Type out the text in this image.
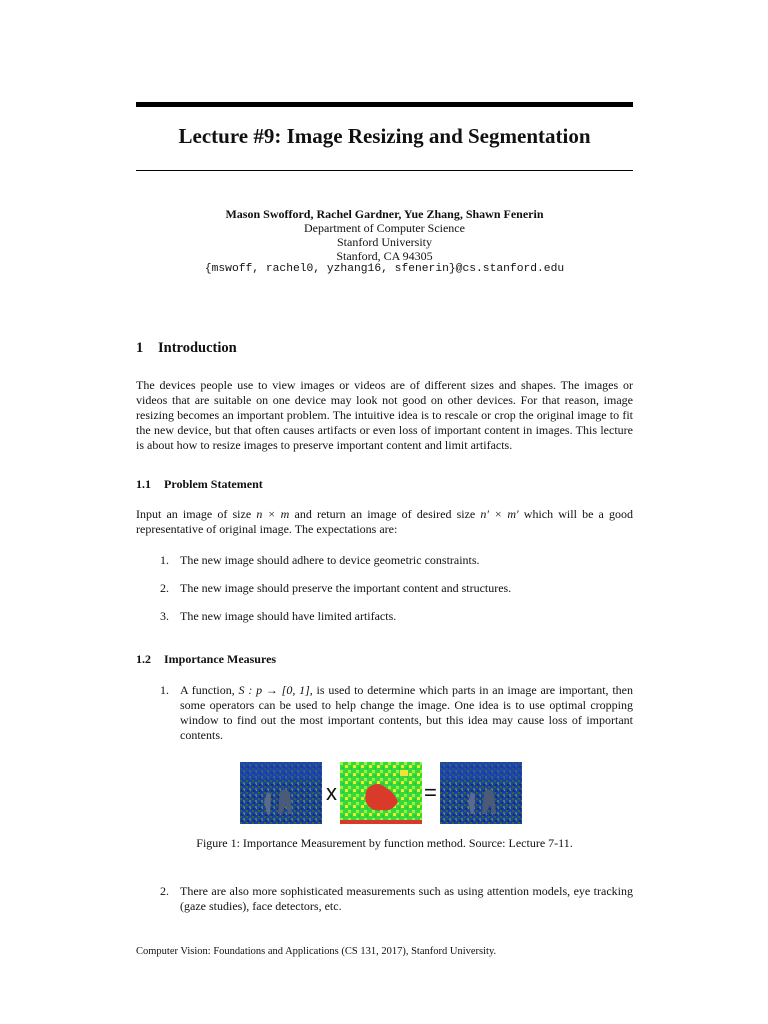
Lecture #9: Image Resizing and Segmentation
Mason Swofford, Rachel Gardner, Yue Zhang, Shawn Fenerin
Department of Computer Science
Stanford University
Stanford, CA 94305
{mswoff, rachel0, yzhang16, sfenerin}@cs.stanford.edu
1 Introduction
The devices people use to view images or videos are of different sizes and shapes. The images or videos that are suitable on one device may look not good on other devices. For that reason, image resizing becomes an important problem. The intuitive idea is to rescale or crop the original image to fit the new device, but that often causes artifacts or even loss of important content in images. This lecture is about how to resize images to preserve important content and limit artifacts.
1.1 Problem Statement
Input an image of size n × m and return an image of desired size n′ × m′ which will be a good representative of original image. The expectations are:
1. The new image should adhere to device geometric constraints.
2. The new image should preserve the important content and structures.
3. The new image should have limited artifacts.
1.2 Importance Measures
1. A function, S : p → [0, 1], is used to determine which parts in an image are important, then some operators can be used to help change the image. One idea is to use optimal cropping window to find out the most important contents, but this idea may cause loss of important contents.
x	=
Figure 1: Importance Measurement by function method. Source: Lecture 7-11.
2. There are also more sophisticated measurements such as using attention models, eye tracking (gaze studies), face detectors, etc.
Computer Vision: Foundations and Applications (CS 131, 2017), Stanford University.
